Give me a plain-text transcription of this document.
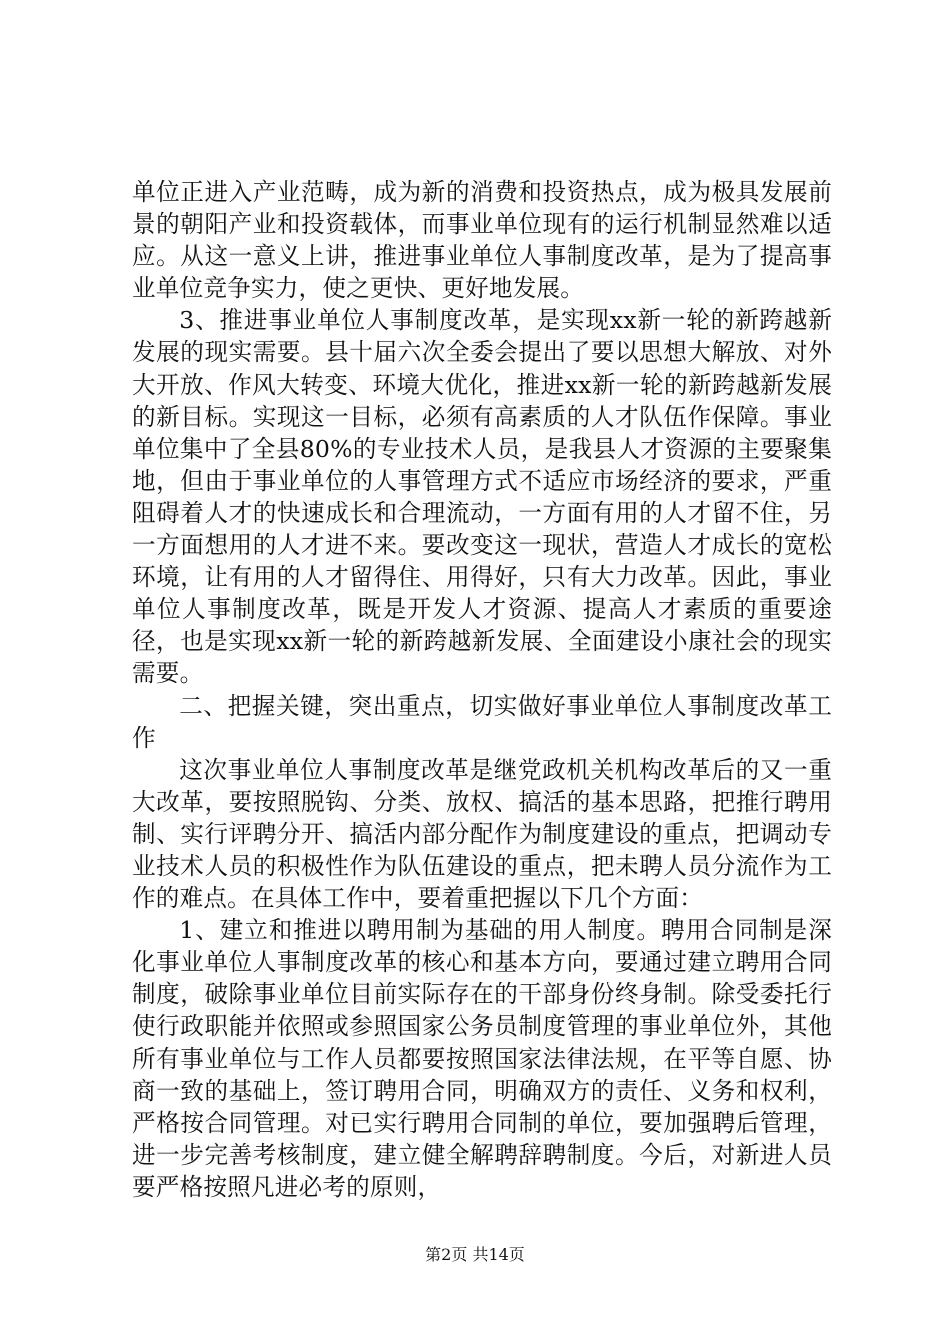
单位正进入产业范畴，成为新的消费和投资热点，成为极具发展前景的朝阳产业和投资载体，而事业单位现有的运行机制显然难以适应。从这一意义上讲，推进事业单位人事制度改革，是为了提高事业单位竞争实力，使之更快、更好地发展。

3、推进事业单位人事制度改革，是实现xx新一轮的新跨越新发展的现实需要。县十届六次全委会提出了要以思想大解放、对外大开放、作风大转变、环境大优化，推进xx新一轮的新跨越新发展的新目标。实现这一目标，必须有高素质的人才队伍作保障。事业单位集中了全县80%的专业技术人员，是我县人才资源的主要聚集地，但由于事业单位的人事管理方式不适应市场经济的要求，严重阻碍着人才的快速成长和合理流动，一方面有用的人才留不住，另一方面想用的人才进不来。要改变这一现状，营造人才成长的宽松环境，让有用的人才留得住、用得好，只有大力改革。因此，事业单位人事制度改革，既是开发人才资源、提高人才素质的重要途径，也是实现xx新一轮的新跨越新发展、全面建设小康社会的现实需要。

二、把握关键，突出重点，切实做好事业单位人事制度改革工作

这次事业单位人事制度改革是继党政机关机构改革后的又一重大改革，要按照脱钩、分类、放权、搞活的基本思路，把推行聘用制、实行评聘分开、搞活内部分配作为制度建设的重点，把调动专业技术人员的积极性作为队伍建设的重点，把未聘人员分流作为工作的难点。在具体工作中，要着重把握以下几个方面：

1、建立和推进以聘用制为基础的用人制度。聘用合同制是深化事业单位人事制度改革的核心和基本方向，要通过建立聘用合同制度，破除事业单位目前实际存在的干部身份终身制。除受委托行使行政职能并依照或参照国家公务员制度管理的事业单位外，其他所有事业单位与工作人员都要按照国家法律法规，在平等自愿、协商一致的基础上，签订聘用合同，明确双方的责任、义务和权利，严格按合同管理。对已实行聘用合同制的单位，要加强聘后管理，进一步完善考核制度，建立健全解聘辞聘制度。今后，对新进人员要严格按照凡进必考的原则，

第2页 共14页
